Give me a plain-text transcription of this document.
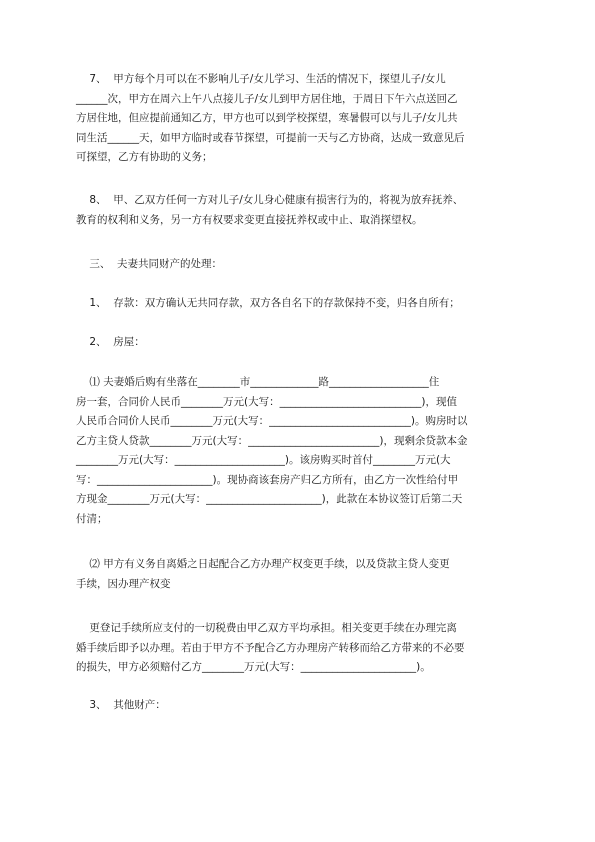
7、  甲方每个月可以在不影响儿子/女儿学习、生活的情况下，探望儿子/女儿
______次，甲方在周六上午八点接儿子/女儿到甲方居住地，于周日下午六点送回乙
方居住地，但应提前通知乙方，甲方也可以到学校探望，寒暑假可以与儿子/女儿共
同生活______天，如甲方临时或春节探望，可提前一天与乙方协商，达成一致意见后
可探望，乙方有协助的义务；
8、  甲、乙双方任何一方对儿子/女儿身心健康有损害行为的，将视为放弃抚养、
教育的权利和义务，另一方有权要求变更直接抚养权或中止、取消探望权。
三、  夫妻共同财产的处理：
1、  存款：双方确认无共同存款，双方各自名下的存款保持不变，归各自所有；
2、  房屋：
⑴ 夫妻婚后购有坐落在________市_____________路___________________住
房一套，合同价人民币________万元(大写：___________________________)，现值
人民币合同价人民币________万元(大写：___________________________)。购房时以
乙方主贷人贷款________万元(大写：_________________________)，现剩余贷款本金
________万元(大写：_____________________)。该房购买时首付________万元(大
写：______________________)。现协商该套房产归乙方所有，由乙方一次性给付甲
方现金________万元(大写：______________________)，此款在本协议签订后第二天
付清；
⑵ 甲方有义务自离婚之日起配合乙方办理产权变更手续，以及贷款主贷人变更
手续，因办理产权变
更登记手续所应支付的一切税费由甲乙双方平均承担。相关变更手续在办理完离
婚手续后即予以办理。若由于甲方不予配合乙方办理房产转移而给乙方带来的不必要
的损失，甲方必须赔付乙方________万元(大写：______________________)。
3、  其他财产：
